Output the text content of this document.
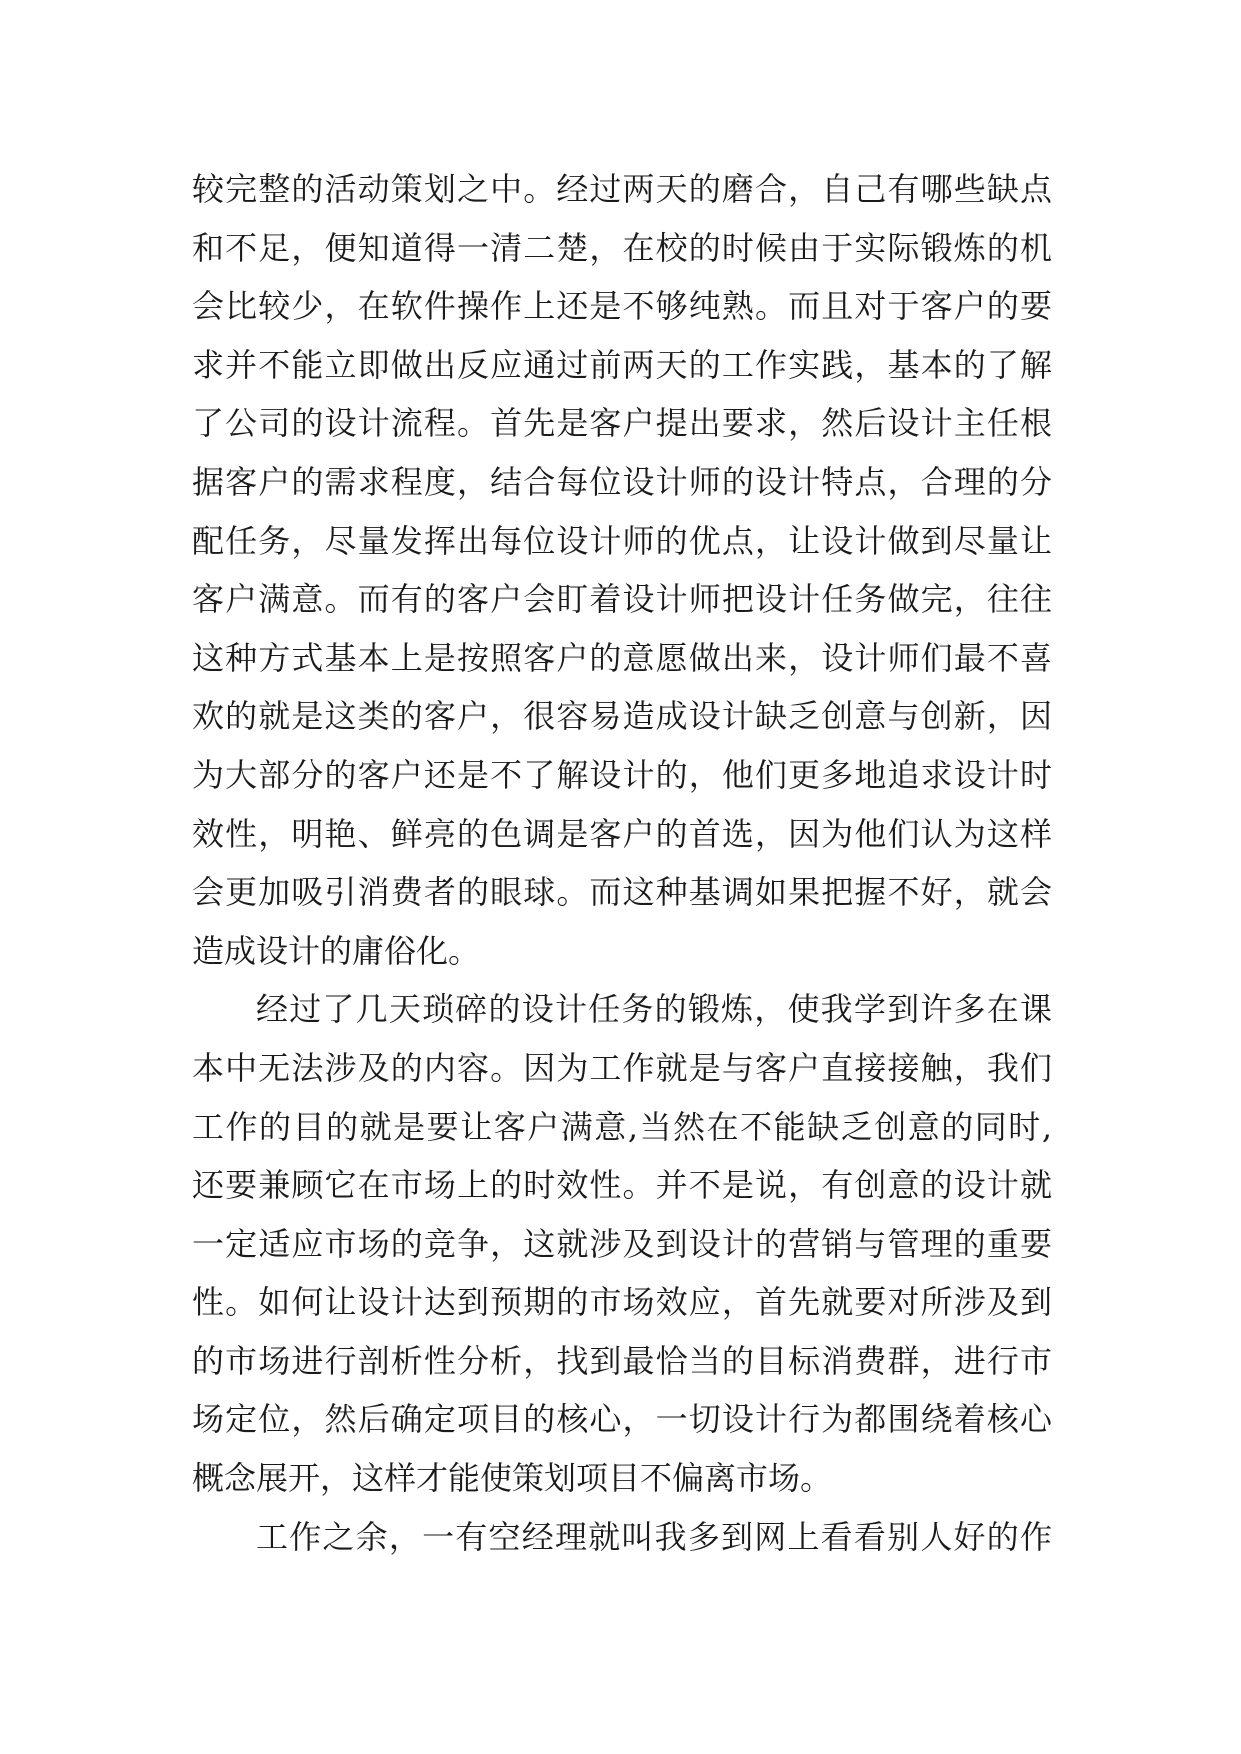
较完整的活动策划之中。经过两天的磨合，自己有哪些缺点
和不足，便知道得一清二楚，在校的时候由于实际锻炼的机
会比较少，在软件操作上还是不够纯熟。而且对于客户的要
求并不能立即做出反应通过前两天的工作实践，基本的了解
了公司的设计流程。首先是客户提出要求，然后设计主任根
据客户的需求程度，结合每位设计师的设计特点，合理的分
配任务，尽量发挥出每位设计师的优点，让设计做到尽量让
客户满意。而有的客户会盯着设计师把设计任务做完，往往
这种方式基本上是按照客户的意愿做出来，设计师们最不喜
欢的就是这类的客户，很容易造成设计缺乏创意与创新，因
为大部分的客户还是不了解设计的，他们更多地追求设计时
效性，明艳、鲜亮的色调是客户的首选，因为他们认为这样
会更加吸引消费者的眼球。而这种基调如果把握不好，就会
造成设计的庸俗化。
经过了几天琐碎的设计任务的锻炼，使我学到许多在课
本中无法涉及的内容。因为工作就是与客户直接接触，我们
工作的目的就是要让客户满意,当然在不能缺乏创意的同时,
还要兼顾它在市场上的时效性。并不是说，有创意的设计就
一定适应市场的竞争，这就涉及到设计的营销与管理的重要
性。如何让设计达到预期的市场效应，首先就要对所涉及到
的市场进行剖析性分析，找到最恰当的目标消费群，进行市
场定位，然后确定项目的核心，一切设计行为都围绕着核心
概念展开，这样才能使策划项目不偏离市场。
工作之余，一有空经理就叫我多到网上看看别人好的作
